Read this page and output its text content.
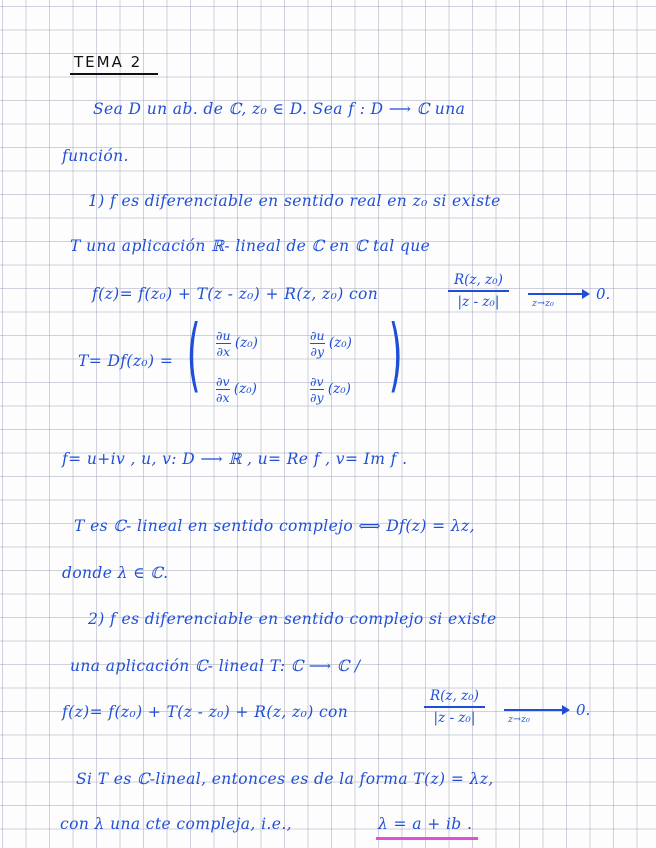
TEMA 2
Sea D un ab. de ℂ, z₀ ∈ D. Sea f : D ⟶ ℂ una
función.
1) f es diferenciable en sentido real en z₀ si existe
T una aplicación ℝ- lineal de ℂ en ℂ tal que
f(z)= f(z₀) + T(z - z₀) + R(z, z₀) con
R(z, z₀)
|z - z₀|	z→z₀
0.
T= Df(z₀) = ( )
$\frac{\partial u}{\partial x} (z_0)$	$\frac{\partial u}{\partial y} (z_0)$
$\frac{\partial v}{\partial x} (z_0)$	$\frac{\partial v}{\partial y} (z_0)$
f= u+iv , u, v: D ⟶ ℝ , u= Re f , v= Im f .
T es ℂ- lineal en sentido complejo ⟺ Df(z) = λz,
donde λ ∈ ℂ.
2) f es diferenciable en sentido complejo si existe
una aplicación ℂ- lineal T: ℂ ⟶ ℂ /
f(z)= f(z₀) + T(z - z₀) + R(z, z₀) con
R(z, z₀)
|z - z₀|	z→z₀
0.
Si T es ℂ-lineal, entonces es de la forma T(z) = λz,
con λ una cte compleja, i.e.,	λ = a + ib .
